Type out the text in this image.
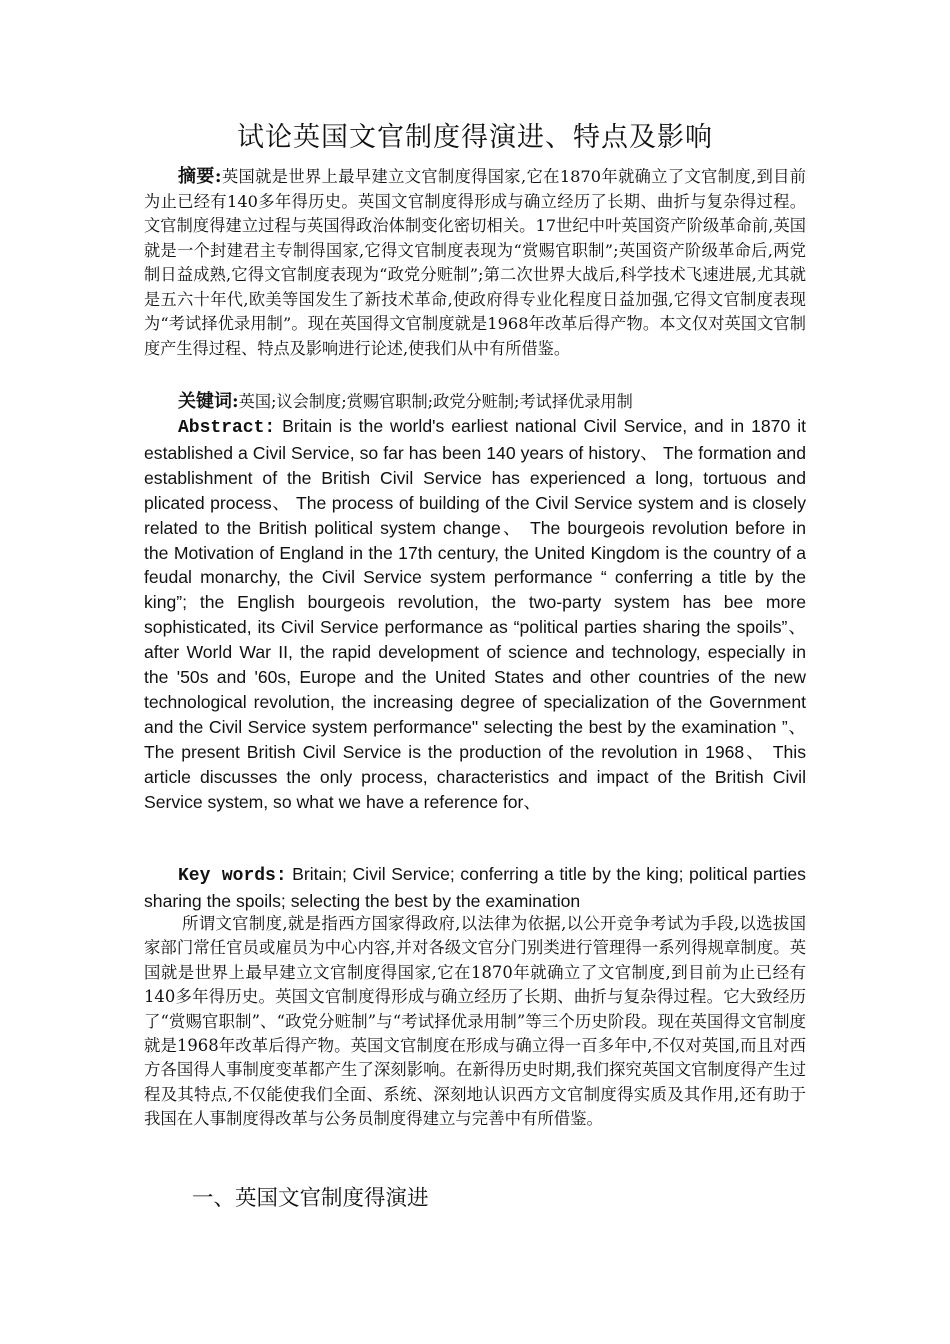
试论英国文官制度得演进、特点及影响

摘要:英国就是世界上最早建立文官制度得国家,它在1870年就确立了文官制度,到目前为止已经有140多年得历史。英国文官制度得形成与确立经历了长期、曲折与复杂得过程。文官制度得建立过程与英国得政治体制变化密切相关。17世纪中叶英国资产阶级革命前,英国就是一个封建君主专制得国家,它得文官制度表现为“赏赐官职制”;英国资产阶级革命后,两党制日益成熟,它得文官制度表现为“政党分赃制”;第二次世界大战后,科学技术飞速进展,尤其就是五六十年代,欧美等国发生了新技术革命,使政府得专业化程度日益加强,它得文官制度表现为“考试择优录用制”。现在英国得文官制度就是1968年改革后得产物。本文仅对英国文官制度产生得过程、特点及影响进行论述,使我们从中有所借鉴。

关键词:英国;议会制度;赏赐官职制;政党分赃制;考试择优录用制

Abstract: Britain is the world's earliest national Civil Service, and in 1870 it established a Civil Service, so far has been 140 years of history、 The formation and establishment of the British Civil Service has experienced a long, tortuous and plicated process、 The process of building of the Civil Service system and is closely related to the British political system change、 The bourgeois revolution before in the Motivation of England in the 17th century, the United Kingdom is the country of a feudal monarchy, the Civil Service system performance “ conferring a title by the king”; the English bourgeois revolution, the two-party system has bee more sophisticated, its Civil Service performance as “political parties sharing the spoils”、 after World War II, the rapid development of science and technology, especially in the '50s and '60s, Europe and the United States and other countries of the new technological revolution, the increasing degree of specialization of the Government and the Civil Service system performance" selecting the best by the examination ”、 The present British Civil Service is the production of the revolution in 1968、 This article discusses the only process, characteristics and impact of the British Civil Service system, so what we have a reference for、

Key words: Britain; Civil Service; conferring a title by the king; political parties sharing the spoils; selecting the best by the examination

所谓文官制度,就是指西方国家得政府,以法律为依据,以公开竞争考试为手段,以选拔国家部门常任官员或雇员为中心内容,并对各级文官分门别类进行管理得一系列得规章制度。英国就是世界上最早建立文官制度得国家,它在1870年就确立了文官制度,到目前为止已经有140多年得历史。英国文官制度得形成与确立经历了长期、曲折与复杂得过程。它大致经历了“赏赐官职制”、“政党分赃制”与“考试择优录用制”等三个历史阶段。现在英国得文官制度就是1968年改革后得产物。英国文官制度在形成与确立得一百多年中,不仅对英国,而且对西方各国得人事制度变革都产生了深刻影响。在新得历史时期,我们探究英国文官制度得产生过程及其特点,不仅能使我们全面、系统、深刻地认识西方文官制度得实质及其作用,还有助于我国在人事制度得改革与公务员制度得建立与完善中有所借鉴。

一、英国文官制度得演进
